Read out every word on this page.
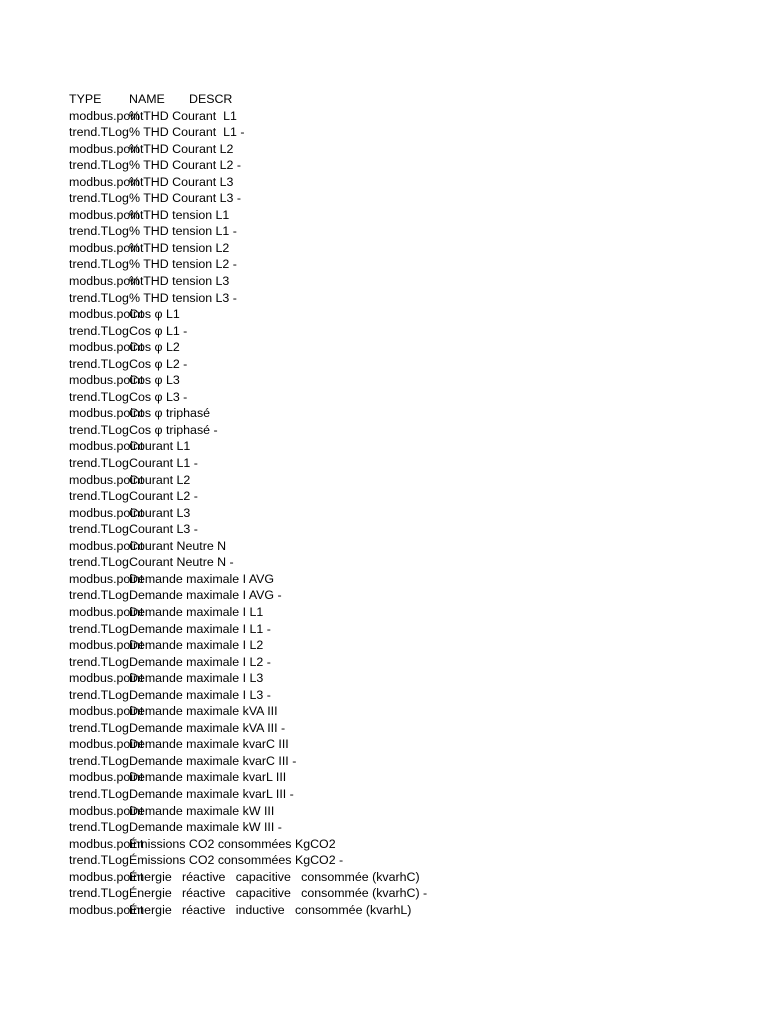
TYPE NAME DESCR
modbus.point
% THD Courant  L1
trend.TLog % THD Courant  L1 -
modbus.point
% THD Courant L2
trend.TLog % THD Courant L2 -
modbus.point
% THD Courant L3
trend.TLog % THD Courant L3 -
modbus.point
% THD tension L1
trend.TLog % THD tension L1 -
modbus.point
% THD tension L2
trend.TLog % THD tension L2 -
modbus.point
% THD tension L3
trend.TLog % THD tension L3 -
modbus.point
Cos φ L1
trend.TLog Cos φ L1 -
modbus.point
Cos φ L2
trend.TLog Cos φ L2 -
modbus.point
Cos φ L3
trend.TLog Cos φ L3 -
modbus.point
Cos φ triphasé
trend.TLog Cos φ triphasé -
modbus.point
Courant L1
trend.TLog Courant L1 -
modbus.point
Courant L2
trend.TLog Courant L2 -
modbus.point
Courant L3
trend.TLog Courant L3 -
modbus.point
Courant Neutre N
trend.TLog Courant Neutre N -
modbus.point
Demande maximale I AVG
trend.TLog Demande maximale I AVG -
modbus.point
Demande maximale I L1
trend.TLog Demande maximale I L1 -
modbus.point
Demande maximale I L2
trend.TLog Demande maximale I L2 -
modbus.point
Demande maximale I L3
trend.TLog Demande maximale I L3 -
modbus.point
Demande maximale kVA III
trend.TLog Demande maximale kVA III -
modbus.point
Demande maximale kvarC III
trend.TLog Demande maximale kvarC III -
modbus.point
Demande maximale kvarL III
trend.TLog Demande maximale kvarL III -
modbus.point
Demande maximale kW III
trend.TLog Demande maximale kW III -
modbus.point
Émissions CO2 consommées KgCO2
trend.TLog Émissions CO2 consommées KgCO2 -
modbus.point
Énergie   réactive   capacitive   consommée (kvarhC)
trend.TLog Énergie   réactive   capacitive   consommée (kvarhC) -
modbus.point
Énergie   réactive   inductive   consommée (kvarhL)
